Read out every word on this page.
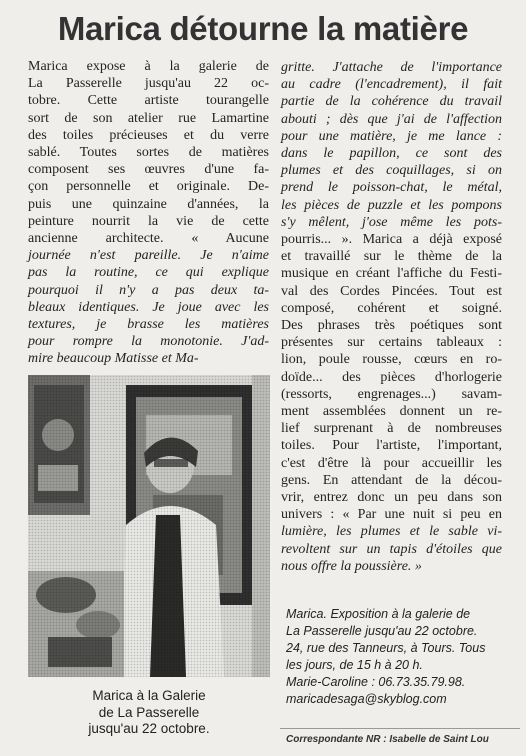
Marica détourne la matière
Marica expose à la galerie de
La Passerelle jusqu'au 22 oc-
tobre. Cette artiste tourangelle
sort de son atelier rue Lamartine
des toiles précieuses et du verre
sablé. Toutes sortes de matières
composent ses œuvres d'une fa-
çon personnelle et originale. De-
puis une quinzaine d'années, la
peinture nourrit la vie de cette
ancienne architecte. « Aucune
journée n'est pareille. Je n'aime
pas la routine, ce qui explique
pourquoi il n'y a pas deux ta-
bleaux identiques. Je joue avec les
textures, je brasse les matières
pour rompre la monotonie. J'ad-
mire beaucoup Matisse et Ma-
Marica à la Galerie
de La Passerelle
jusqu'au 22 octobre.
gritte. J'attache de l'importance
au cadre (l'encadrement), il fait
partie de la cohérence du travail
abouti ; dès que j'ai de l'affection
pour une matière, je me lance :
dans le papillon, ce sont des
plumes et des coquillages, si on
prend le poisson-chat, le métal,
les pièces de puzzle et les pompons
s'y mêlent, j'ose même les pots-
pourris... ». Marica a déjà exposé
et travaillé sur le thème de la
musique en créant l'affiche du Festi-
val des Cordes Pincées. Tout est
composé, cohérent et soigné.
Des phrases très poétiques sont
présentes sur certains tableaux :
lion, poule rousse, cœurs en ro-
doïde... des pièces d'horlogerie
(ressorts, engrenages...) savam-
ment assemblées donnent un re-
lief surprenant à de nombreuses
toiles. Pour l'artiste, l'important,
c'est d'être là pour accueillir les
gens. En attendant de la décou-
vrir, entrez donc un peu dans son
univers : « Par une nuit si peu en
lumière, les plumes et le sable vi-
revoltent sur un tapis d'étoiles que
nous offre la poussière. »
Marica. Exposition à la galerie de
La Passerelle jusqu'au 22 octobre.
24, rue des Tanneurs, à Tours. Tous
les jours, de 15 h à 20 h.
Marie-Caroline : 06.73.35.79.98.
maricadesaga@skyblog.com
Correspondante NR : Isabelle de Saint Lou
